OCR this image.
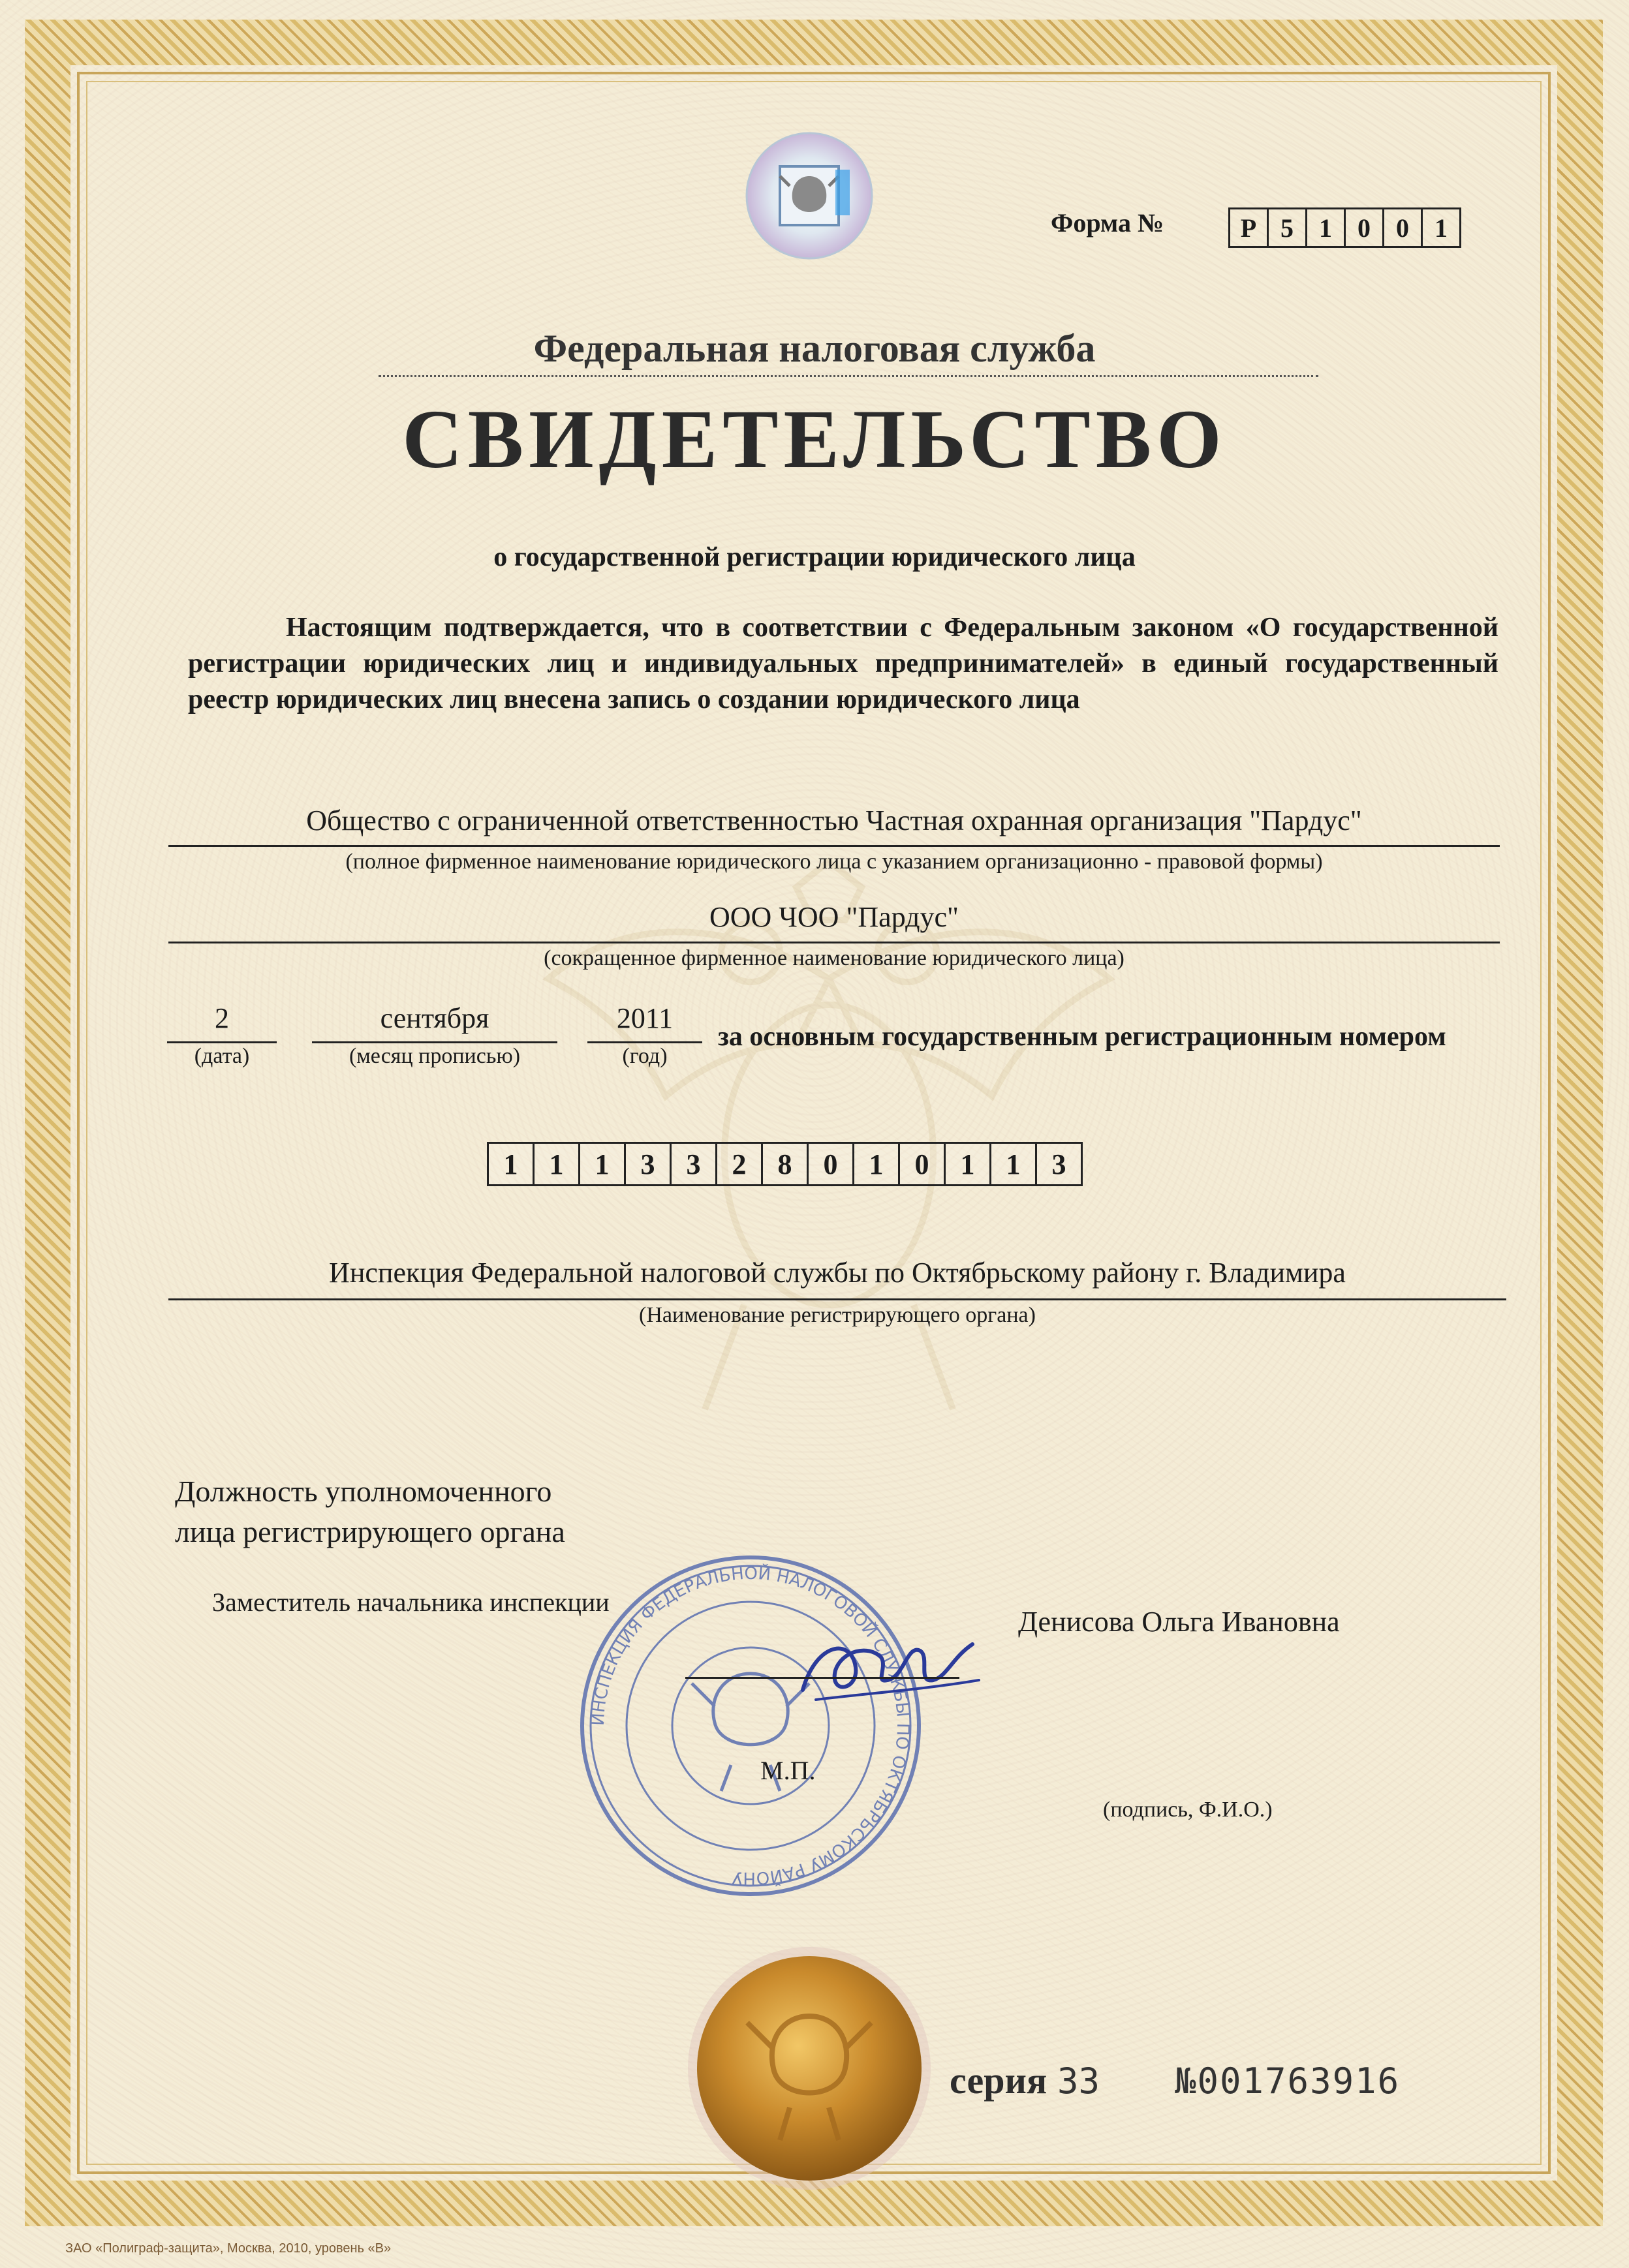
Форма №	Р 5 1 0 0 1
Федеральная налоговая служба
СВИДЕТЕЛЬСТВО
о государственной регистрации юридического лица
Настоящим подтверждается, что в соответствии с Федеральным законом «О государственной регистрации юридических лиц и индивидуальных предпринимателей» в единый государственный реестр юридических лиц внесена запись о создании юридического лица
Общество с ограниченной ответственностью Частная охранная организация "Пардус"
(полное фирменное наименование юридического лица с указанием организационно - правовой формы)
ООО ЧОО "Пардус"
(сокращенное фирменное наименование юридического лица)
2
(дата)
сентября
(месяц прописью)
2011
(год)
за основным государственным регистрационным номером
1	1	1	3	3	2	8	0	1	0	1	1	3
Инспекция Федеральной налоговой службы по Октябрьскому району г. Владимира
(Наименование регистрирующего органа)
Должность уполномоченного
лица регистрирующего органа
ИНСПЕКЦИЯ ФЕДЕРАЛЬНОЙ НАЛОГОВОЙ СЛУЖБЫ ПО ОКТЯБРЬСКОМУ РАЙОНУ
Заместитель начальника инспекции
Денисова Ольга Ивановна
М.П.
(подпись, Ф.И.О.)
серия 33 №001763916
ЗАО «Полиграф-защита», Москва, 2010, уровень «В»
